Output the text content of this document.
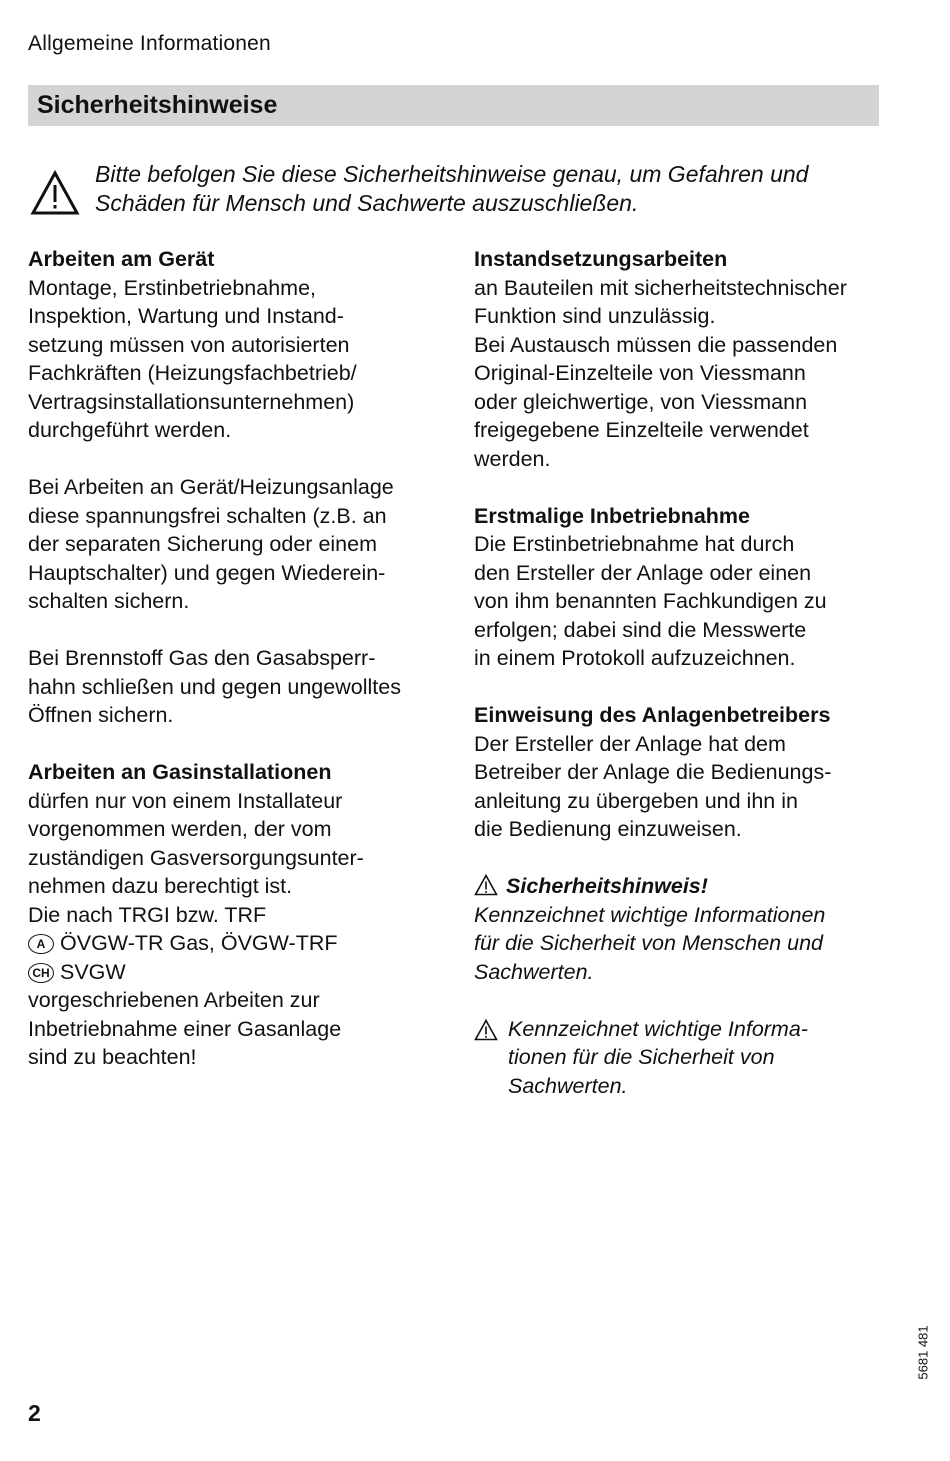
Allgemeine Informationen
Sicherheitshinweise
Bitte befolgen Sie diese Sicherheitshinweise genau, um Gefahren und
Schäden für Mensch und Sachwerte auszuschließen.
Arbeiten am Gerät
Montage, Erstinbetriebnahme,
Inspektion, Wartung und Instand-
setzung müssen von autorisierten
Fachkräften (Heizungsfachbetrieb/
Vertragsinstallationsunternehmen)
durchgeführt werden.
Bei Arbeiten an Gerät/Heizungsanlage
diese spannungsfrei schalten (z.B. an
der separaten Sicherung oder einem
Hauptschalter) und gegen Wiederein-
schalten sichern.
Bei Brennstoff Gas den Gasabsperr-
hahn schließen und gegen ungewolltes
Öffnen sichern.
Arbeiten an Gasinstallationen
dürfen nur von einem Installateur
vorgenommen werden, der vom
zuständigen Gasversorgungsunter-
nehmen dazu berechtigt ist.
Die nach TRGI bzw. TRF
A ÖVGW-TR Gas, ÖVGW-TRF
CH SVGW
vorgeschriebenen Arbeiten zur
Inbetriebnahme einer Gasanlage
sind zu beachten!
Instandsetzungsarbeiten
an Bauteilen mit sicherheitstechnischer
Funktion sind unzulässig.
Bei Austausch müssen die passenden
Original-Einzelteile von Viessmann
oder gleichwertige, von Viessmann
freigegebene Einzelteile verwendet
werden.
Erstmalige Inbetriebnahme
Die Erstinbetriebnahme hat durch
den Ersteller der Anlage oder einen
von ihm benannten Fachkundigen zu
erfolgen; dabei sind die Messwerte
in einem Protokoll aufzuzeichnen.
Einweisung des Anlagenbetreibers
Der Ersteller der Anlage hat dem
Betreiber der Anlage die Bedienungs-
anleitung zu übergeben und ihn in
die Bedienung einzuweisen.
Sicherheitshinweis!
Kennzeichnet wichtige Informationen
für die Sicherheit von Menschen und
Sachwerten.
Kennzeichnet wichtige Informa-
tionen für die Sicherheit von
Sachwerten.
5681 481
2
